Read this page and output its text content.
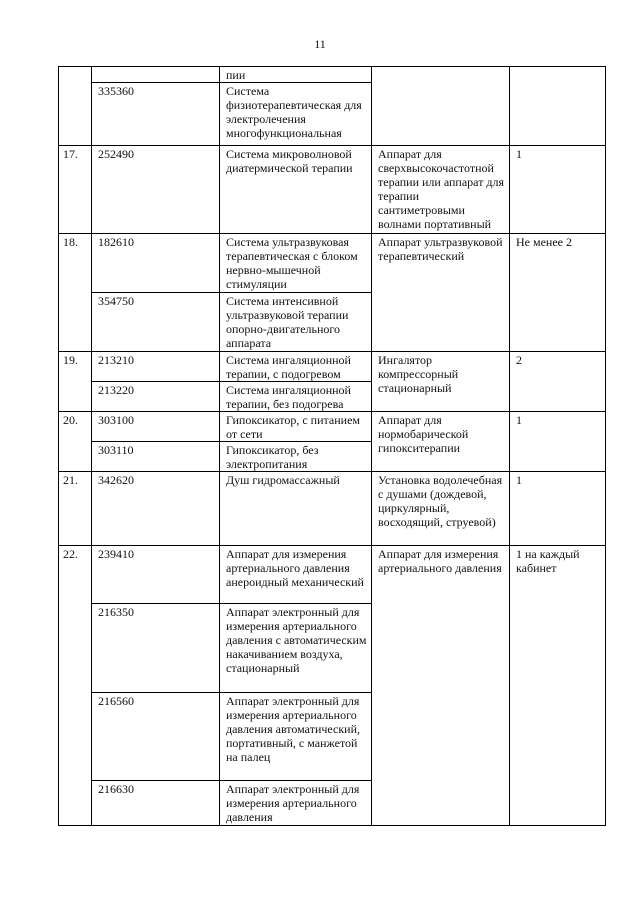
11
		пии		
	335360	Система физиотерапевтическая для электролечения многофункциональная		
17.	252490	Система микроволновой диатермической терапии	Аппарат для сверхвысокочастотной терапии или аппарат для терапии сантиметровыми волнами портативный	1
18.	182610	Система ультразвуковая терапевтическая с блоком нервно-мышечной стимуляции	Аппарат ультразвуковой терапевтический	Не менее 2
	354750	Система интенсивной ультразвуковой терапии опорно-двигательного аппарата		
19.	213210	Система ингаляционной терапии, с подогревом	Ингалятор компрессорный стационарный	2
	213220	Система ингаляционной терапии, без подогрева		
20.	303100	Гипоксикатор, с питанием от сети	Аппарат для нормобарической гипокситерапии	1
	303110	Гипоксикатор, без электропитания		
21.	342620	Душ гидромассажный	Установка водолечебная с душами (дождевой, циркулярный, восходящий, струевой)	1
22.	239410	Аппарат для измерения артериального давления анероидный механический	Аппарат для измерения артериального давления	1 на каждый кабинет
	216350	Аппарат электронный для измерения артериального давления с автоматическим накачиванием воздуха, стационарный		
	216560	Аппарат электронный для измерения артериального давления автоматический, портативный, с манжетой на палец		
	216630	Аппарат электронный для измерения артериального давления		
